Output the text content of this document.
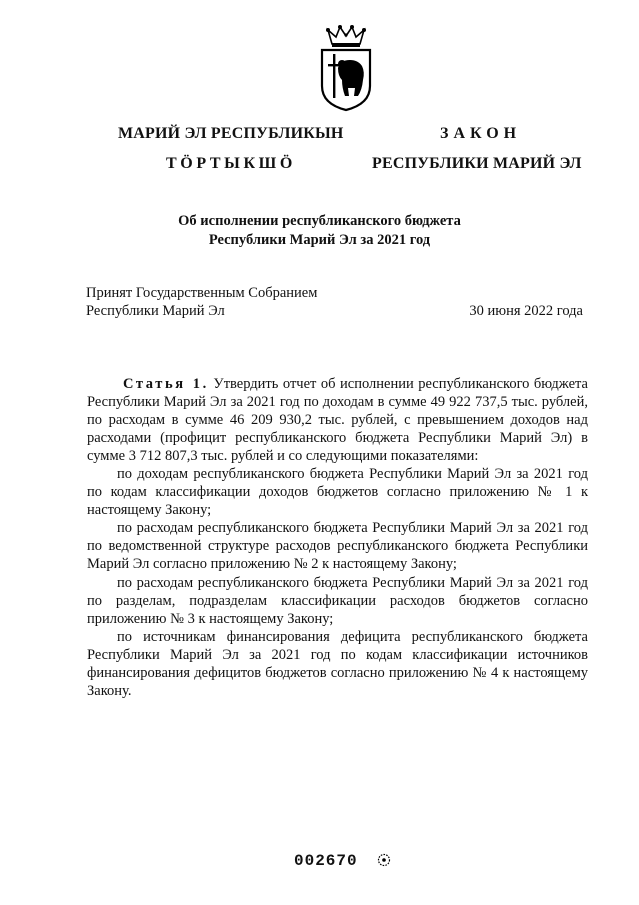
МАРИЙ ЭЛ РЕСПУБЛИКЫН
ТӦРТЫКШӦ
ЗАКОН
РЕСПУБЛИКИ МАРИЙ ЭЛ
Об исполнении республиканского бюджета
Республики Марий Эл за 2021 год
Принят Государственным Собранием
Республики Марий Эл	30 июня 2022 года

Статья 1. Утвердить отчет об исполнении республиканского бюджета Республики Марий Эл за 2021 год по доходам в сумме 49 922 737,5 тыс. рублей, по расходам в сумме 46 209 930,2 тыс. рублей, с превышением доходов над расходами (профицит республиканского бюджета Республики Марий Эл) в сумме 3 712 807,3 тыс. рублей и со следующими показателями:

по доходам республиканского бюджета Республики Марий Эл за 2021 год по кодам классификации доходов бюджетов согласно приложению № 1 к настоящему Закону;

по расходам республиканского бюджета Республики Марий Эл за 2021 год по ведомственной структуре расходов республиканского бюджета Республики Марий Эл согласно приложению № 2 к настоящему Закону;

по расходам республиканского бюджета Республики Марий Эл за 2021 год по разделам, подразделам классификации расходов бюджетов согласно приложению № 3 к настоящему Закону;

по источникам финансирования дефицита республиканского бюджета Республики Марий Эл за 2021 год по кодам классификации источников финансирования дефицитов бюджетов согласно приложению № 4 к настоящему Закону.

002670
